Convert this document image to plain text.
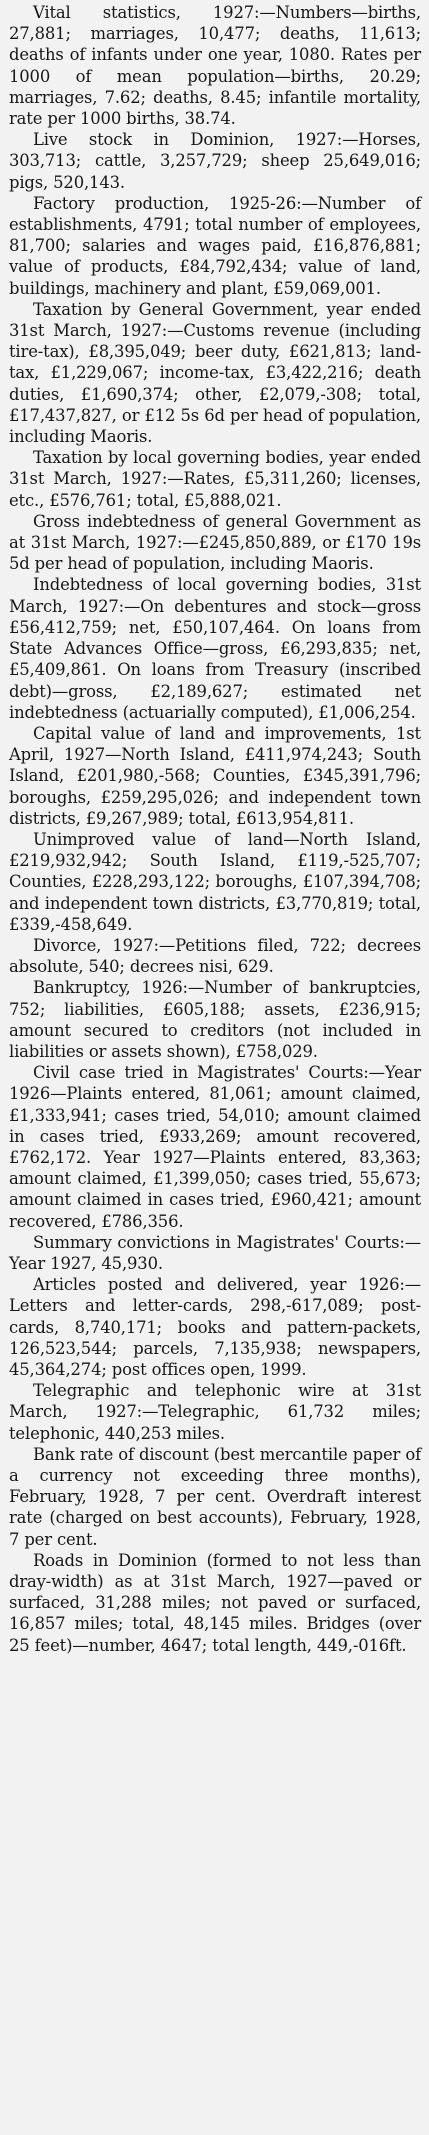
Vital statistics, 1927:—Numbers—births, 27,881; marriages, 10,477; deaths, 11,613; deaths of infants under one year, 1080. Rates per 1000 of mean population—births, 20.29; marriages, 7.62; deaths, 8.45; infantile mortality, rate per 1000 births, 38.74.

Live stock in Dominion, 1927:—Horses, 303,713; cattle, 3,257,729; sheep 25,649,016; pigs, 520,143.

Factory production, 1925-26:—Number of establishments, 4791; total number of employees, 81,700; salaries and wages paid, £16,876,881; value of products, £84,792,434; value of land, buildings, machinery and plant, £59,069,001.

Taxation by General Government, year ended 31st March, 1927:—Customs revenue (including tire-tax), £8,395,049; beer duty, £621,813; land-tax, £1,229,067; income-tax, £3,422,216; death duties, £1,690,374; other, £2,079,-308; total, £17,437,827, or £12 5s 6d per head of population, including Maoris.

Taxation by local governing bodies, year ended 31st March, 1927:—Rates, £5,311,260; licenses, etc., £576,761; total, £5,888,021.

Gross indebtedness of general Government as at 31st March, 1927:—£245,850,889, or £170 19s 5d per head of population, including Maoris.

Indebtedness of local governing bodies, 31st March, 1927:—On debentures and stock—gross £56,412,759; net, £50,107,464. On loans from State Advances Office—gross, £6,293,835; net, £5,409,861. On loans from Treasury (inscribed debt)—gross, £2,189,627; estimated net indebtedness (actuarially computed), £1,006,254.

Capital value of land and improvements, 1st April, 1927—North Island, £411,974,243; South Island, £201,980,-568; Counties, £345,391,796; boroughs, £259,295,026; and independent town districts, £9,267,989; total, £613,954,811.

Unimproved value of land—North Island, £219,932,942; South Island, £119,-525,707; Counties, £228,293,122; boroughs, £107,394,708; and independent town districts, £3,770,819; total, £339,-458,649.

Divorce, 1927:—Petitions filed, 722; decrees absolute, 540; decrees nisi, 629.

Bankruptcy, 1926:—Number of bankruptcies, 752; liabilities, £605,188; assets, £236,915; amount secured to creditors (not included in liabilities or assets shown), £758,029.

Civil case tried in Magistrates' Courts:—Year 1926—Plaints entered, 81,061; amount claimed, £1,333,941; cases tried, 54,010; amount claimed in cases tried, £933,269; amount recovered, £762,172. Year 1927—Plaints entered, 83,363; amount claimed, £1,399,050; cases tried, 55,673; amount claimed in cases tried, £960,421; amount recovered, £786,356.

Summary convictions in Magistrates' Courts:—Year 1927, 45,930.

Articles posted and delivered, year 1926:—Letters and letter-cards, 298,-617,089; post-cards, 8,740,171; books and pattern-packets, 126,523,544; parcels, 7,135,938; newspapers, 45,364,274; post offices open, 1999.

Telegraphic and telephonic wire at 31st March, 1927:—Telegraphic, 61,732 miles; telephonic, 440,253 miles.

Bank rate of discount (best mercantile paper of a currency not exceeding three months), February, 1928, 7 per cent. Overdraft interest rate (charged on best accounts), February, 1928, 7 per cent.

Roads in Dominion (formed to not less than dray-width) as at 31st March, 1927—paved or surfaced, 31,288 miles; not paved or surfaced, 16,857 miles; total, 48,145 miles. Bridges (over 25 feet)—number, 4647; total length, 449,-016ft.
